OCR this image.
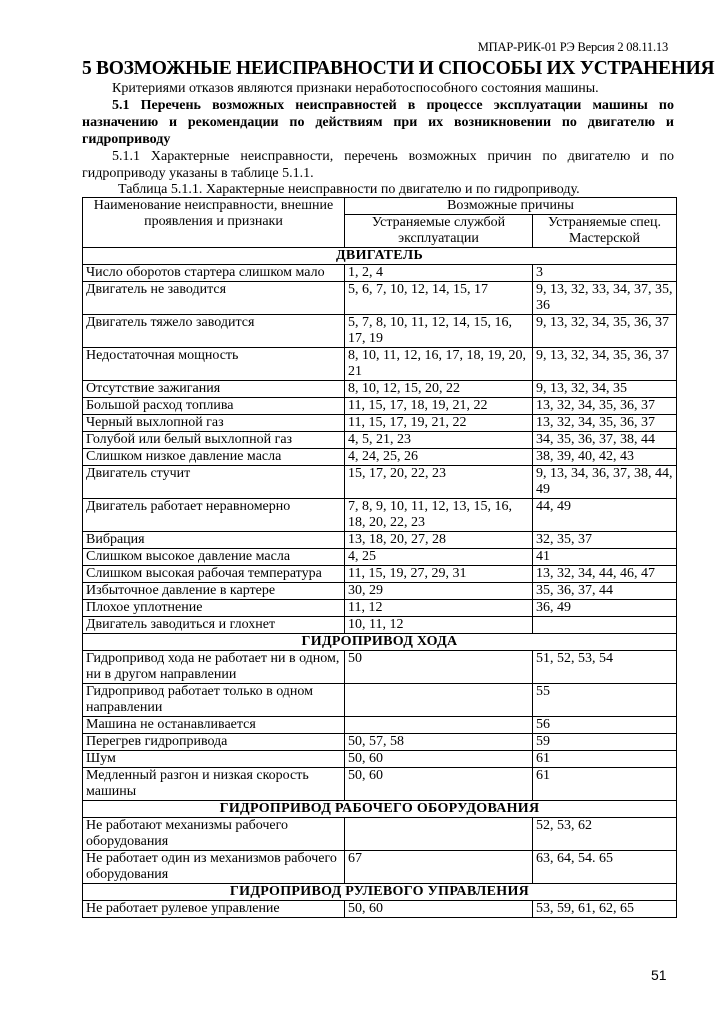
МПАР-РИК-01 РЭ Версия 2 08.11.13
5 ВОЗМОЖНЫЕ НЕИСПРАВНОСТИ И СПОСОБЫ ИХ УСТРАНЕНИЯ
Критериями отказов являются признаки неработоспособного состояния машины.
5.1 Перечень возможных неисправностей в процессе эксплуатации машины по назначению и рекомендации по действиям при их возникновении по двигателю и гидроприводу
5.1.1 Характерные неисправности, перечень возможных причин по двигателю и по гидроприводу указаны в таблице 5.1.1.
Таблица 5.1.1. Характерные неисправности по двигателю и по гидроприводу.
Наименование неисправности, внешние проявления и признаки	Возможные причины	
	Устраняемые службой эксплуатации	Устраняемые спец. Мастерской
ДВИГАТЕЛЬ		
Число оборотов стартера слишком мало	1, 2, 4	3
Двигатель не заводится	5, 6, 7, 10, 12, 14, 15, 17	9, 13, 32, 33, 34, 37, 35, 36
Двигатель тяжело заводится	5, 7, 8, 10, 11, 12, 14, 15, 16, 17, 19	9, 13, 32, 34, 35, 36, 37
Недостаточная мощность	8, 10, 11, 12, 16, 17, 18, 19, 20, 21	9, 13, 32, 34, 35, 36, 37
Отсутствие зажигания	8, 10, 12, 15, 20, 22	9, 13, 32, 34, 35
Большой расход топлива	11, 15, 17, 18, 19, 21, 22	13, 32, 34, 35, 36, 37
Черный выхлопной газ	11, 15, 17, 19, 21, 22	13, 32, 34, 35, 36, 37
Голубой или белый выхлопной газ	4, 5, 21, 23	34, 35, 36, 37, 38, 44
Слишком низкое давление масла	4, 24, 25, 26	38, 39, 40, 42, 43
Двигатель стучит	15, 17, 20, 22, 23	9, 13, 34, 36, 37, 38, 44, 49
Двигатель работает неравномерно	7, 8, 9, 10, 11, 12, 13, 15, 16, 18, 20, 22, 23	44, 49
Вибрация	13, 18, 20, 27, 28	32, 35, 37
Слишком высокое давление масла	4, 25	41
Слишком высокая рабочая температура	11, 15, 19, 27, 29, 31	13, 32, 34, 44, 46, 47
Избыточное давление в картере	30, 29	35, 36, 37, 44
Плохое уплотнение	11, 12	36, 49
Двигатель заводиться и глохнет	10, 11, 12	
ГИДРОПРИВОД ХОДА		
Гидропривод хода не работает ни в одном, ни в другом направлении	50	51, 52, 53, 54
Гидропривод работает только в одном направлении		55
Машина не останавливается		56
Перегрев гидропривода	50, 57, 58	59
Шум	50, 60	61
Медленный разгон и низкая скорость машины	50, 60	61
ГИДРОПРИВОД РАБОЧЕГО ОБОРУДОВАНИЯ		
Не работают механизмы рабочего оборудования		52, 53, 62
Не работает один из механизмов рабочего оборудования	67	63, 64, 54. 65
ГИДРОПРИВОД РУЛЕВОГО УПРАВЛЕНИЯ		
Не работает рулевое управление	50, 60	53, 59, 61, 62, 65
51
